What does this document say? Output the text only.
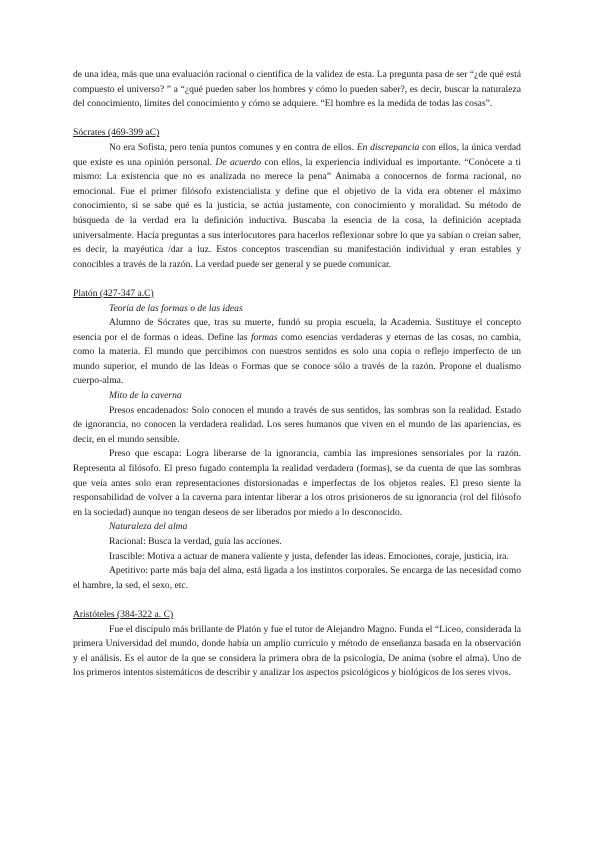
de una idea, más que una evaluación racional o científica de la validez de esta. La pregunta pasa de ser “¿de qué está compuesto el universo? ” a “¿qué pueden saber los hombres y cómo lo pueden saber?, es decir, buscar la naturaleza del conocimiento, límites del conocimiento y cómo se adquiere. “El hombre es la medida de todas las cosas”.

Sócrates (469-399 aC)

No era Sofista, pero tenía puntos comunes y en contra de ellos. En discrepancia con ellos, la única verdad que existe es una opinión personal. De acuerdo con ellos, la experiencia individual es importante. “Conócete a ti mismo: La existencia que no es analizada no merece la pena” Animaba a conocernos de forma racional, no emocional. Fue el primer filósofo existencialista y define que el objetivo de la vida era obtener el máximo conocimiento, si se sabe qué es la justicia, se actúa justamente, con conocimiento y moralidad. Su método de búsqueda de la verdad era la definición inductiva. Buscaba la esencia de la cosa, la definición aceptada universalmente. Hacía preguntas a sus interlocutores para hacerlos reflexionar sobre lo que ya sabían o creían saber, es decir, la mayéutica /dar a luz. Estos conceptos trascendían su manifestación individual y eran estables y conocibles a través de la razón. La verdad puede ser general y se puede comunicar.

Platón (427-347 a.C)

Teoría de las formas o de las ideas

Alumno de Sócrates que, tras su muerte, fundó su propia escuela, la Academia. Sustituye el concepto esencia por el de formas o ideas. Define las formas como esencias verdaderas y eternas de las cosas, no cambia, como la materia. El mundo que percibimos con nuestros sentidos es solo una copia o reflejo imperfecto de un mundo superior, el mundo de las Ideas o Formas que se conoce sólo a través de la razón. Propone el dualismo cuerpo-alma.

Mito de la caverna

Presos encadenados: Solo conocen el mundo a través de sus sentidos, las sombras son la realidad. Estado de ignorancia, no conocen la verdadera realidad. Los seres humanos que viven en el mundo de las apariencias, es decir, en el mundo sensible.

Preso que escapa: Logra liberarse de la ignorancia, cambia las impresiones sensoriales por la razón. Representa al filósofo. El preso fugado contempla la realidad verdadera (formas), se da cuenta de que las sombras que veía antes solo eran representaciones distorsionadas e imperfectas de los objetos reales. El preso siente la responsabilidad de volver a la caverna para intentar liberar a los otros prisioneros de su ignorancia (rol del filósofo en la sociedad) aunque no tengan deseos de ser liberados por miedo a lo desconocido.

Naturaleza del alma

Racional: Busca la verdad, guía las acciones.

Irascible: Motiva a actuar de manera valiente y justa, defender las ideas. Emociones, coraje, justicia, ira.

Apetitivo: parte más baja del alma, está ligada a los instintos corporales. Se encarga de las necesidad como el hambre, la sed, el sexo, etc.

Aristóteles (384-322 a. C)

Fue el discípulo más brillante de Platón y fue el tutor de Alejandro Magno. Funda el “Liceo, considerada la primera Universidad del mundo, donde había un amplio currículo y método de enseñanza basada en la observación y el análisis. Es el autor de la que se considera la primera obra de la psicología, De anima (sobre el alma). Uno de los primeros intentos sistemáticos de describir y analizar los aspectos psicológicos y biológicos de los seres vivos.
